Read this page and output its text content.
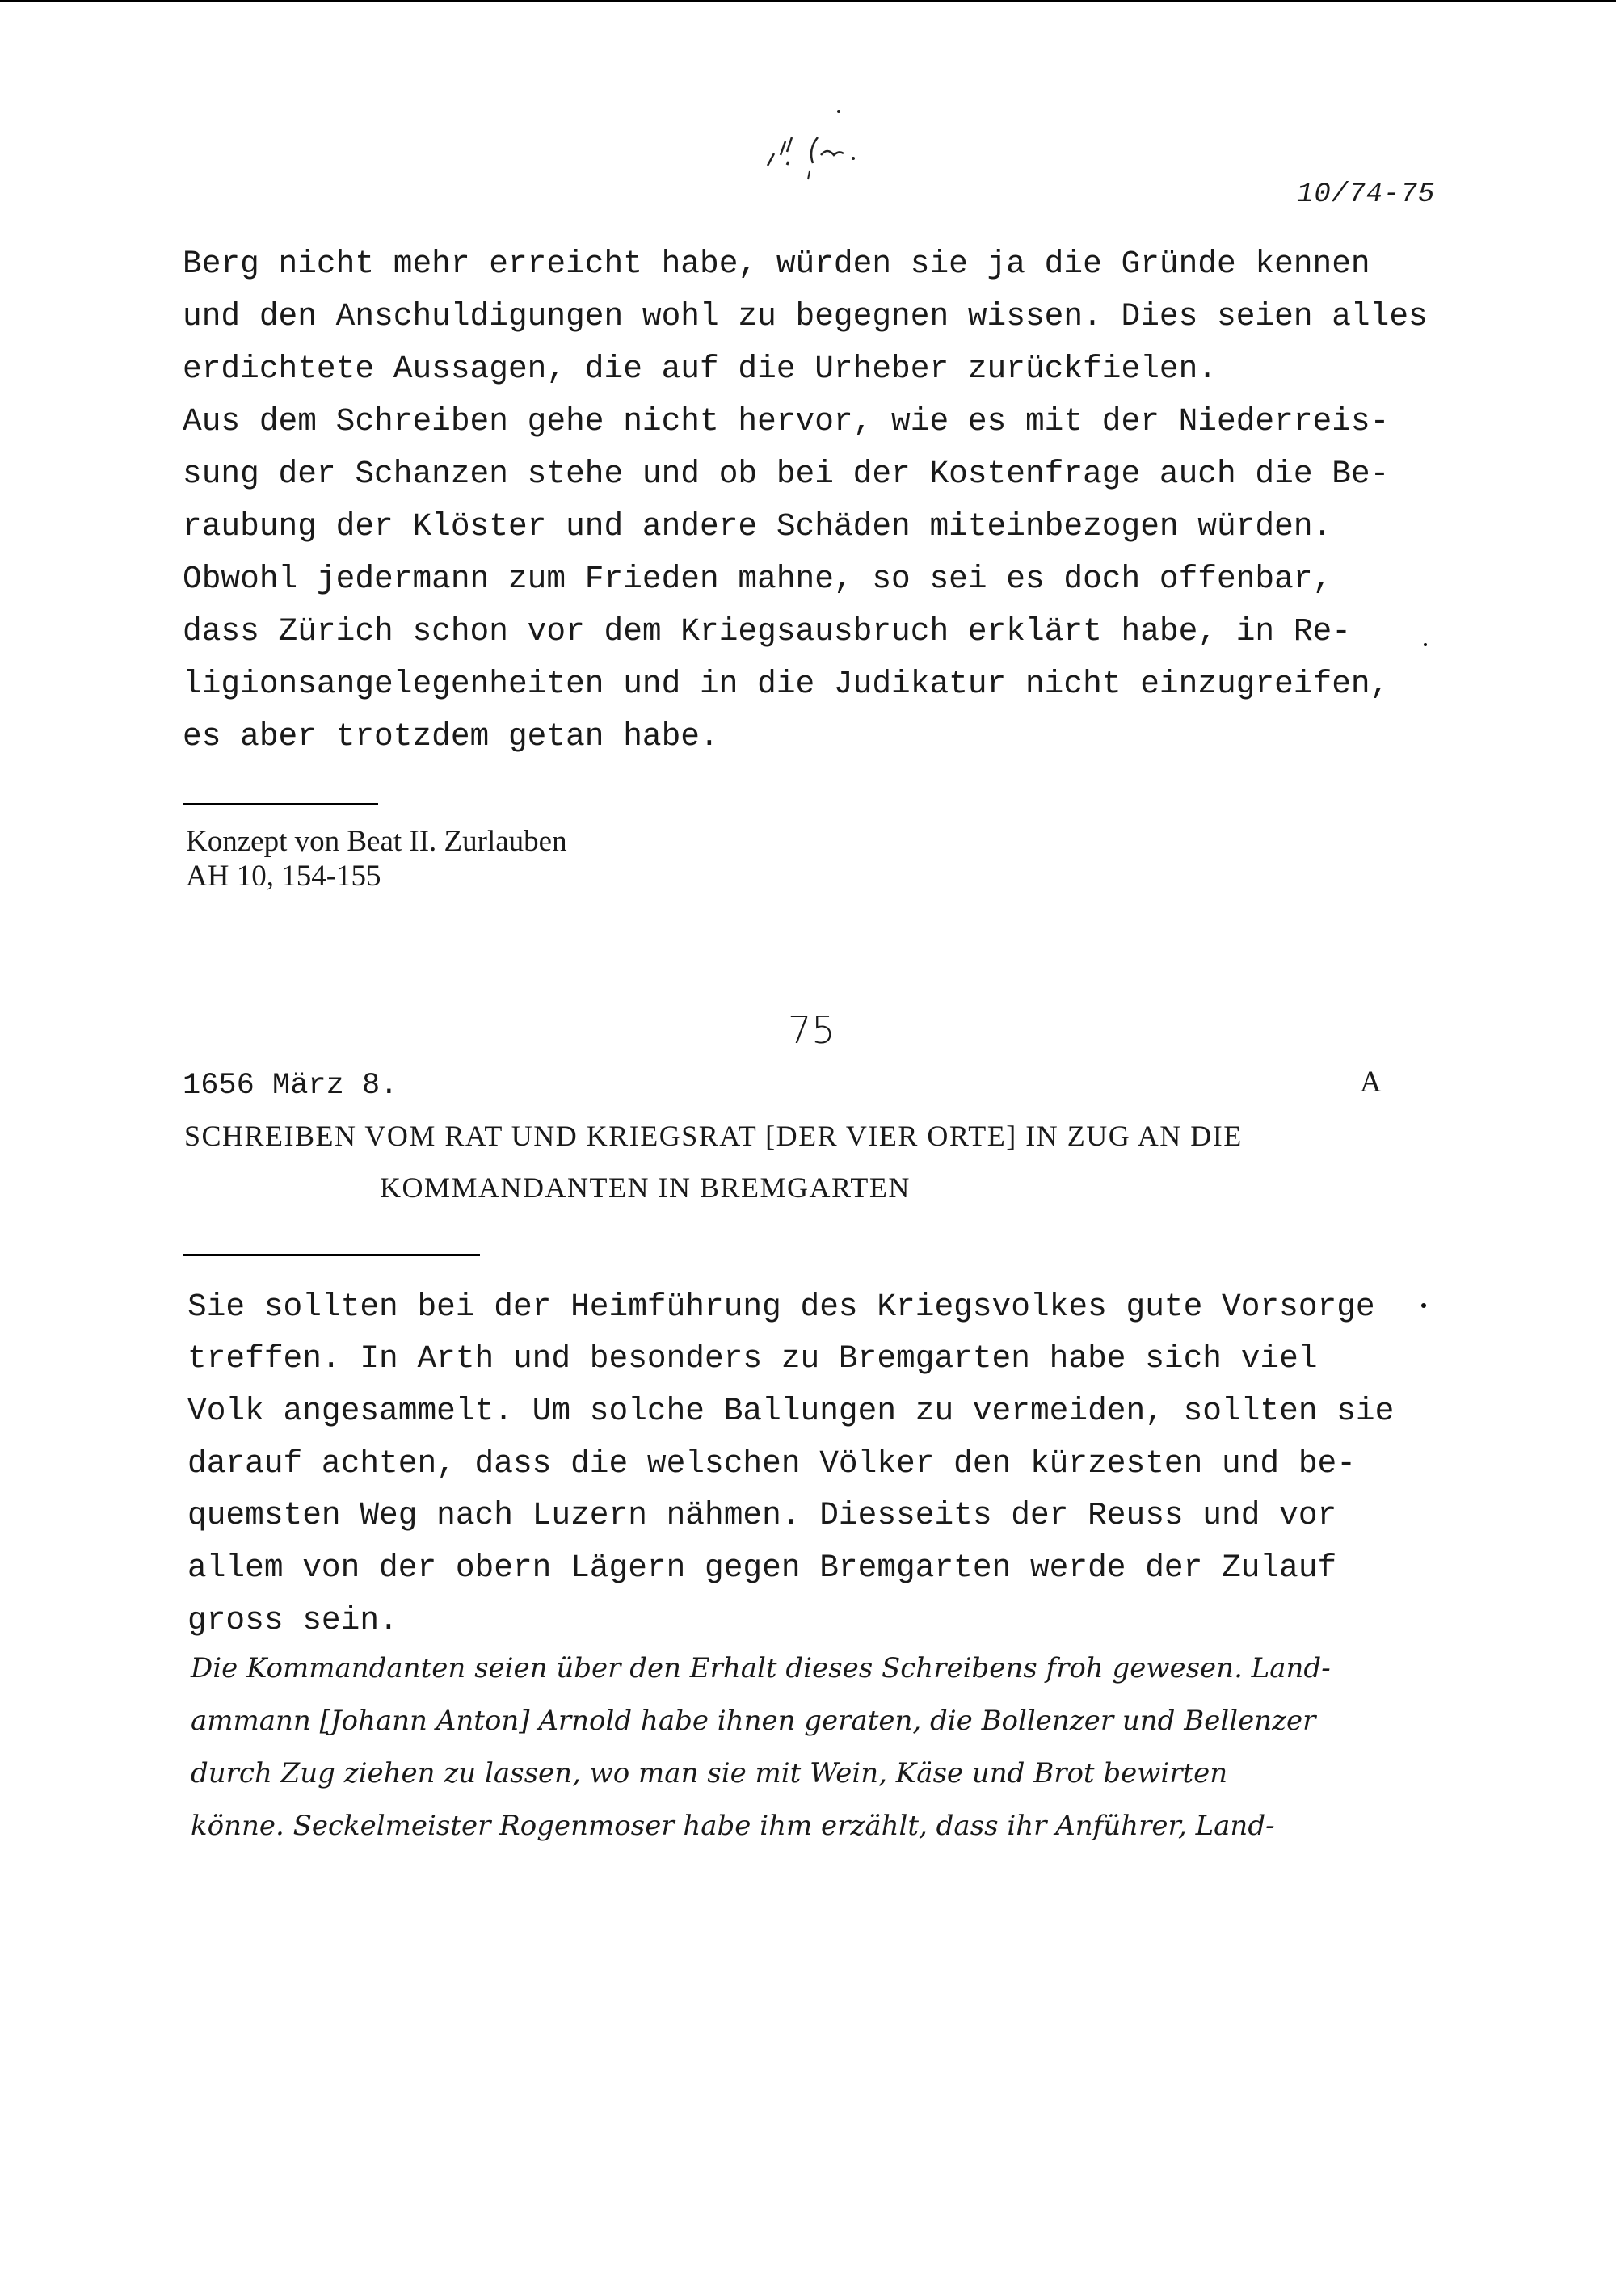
10/74-75
Berg nicht mehr erreicht habe, würden sie ja die Gründe kennen
und den Anschuldigungen wohl zu begegnen wissen. Dies seien alles
erdichtete Aussagen, die auf die Urheber zurückfielen.
Aus dem Schreiben gehe nicht hervor, wie es mit der Niederreis-
sung der Schanzen stehe und ob bei der Kostenfrage auch die Be-
raubung der Klöster und andere Schäden miteinbezogen würden.
Obwohl jedermann zum Frieden mahne, so sei es doch offenbar,
dass Zürich schon vor dem Kriegsausbruch erklärt habe, in Re-
ligionsangelegenheiten und in die Judikatur nicht einzugreifen,
es aber trotzdem getan habe.
Konzept von Beat II. Zurlauben
AH 10, 154-155
75
1656 März 8.	A
SCHREIBEN VOM RAT UND KRIEGSRAT [DER VIER ORTE] IN ZUG AN DIE
KOMMANDANTEN IN BREMGARTEN
Sie sollten bei der Heimführung des Kriegsvolkes gute Vorsorge
treffen. In Arth und besonders zu Bremgarten habe sich viel
Volk angesammelt. Um solche Ballungen zu vermeiden, sollten sie
darauf achten, dass die welschen Völker den kürzesten und be-
quemsten Weg nach Luzern nähmen. Diesseits der Reuss und vor
allem von der obern Lägern gegen Bremgarten werde der Zulauf
gross sein.
Die Kommandanten seien über den Erhalt dieses Schreibens froh gewesen. Land-
ammann [Johann Anton] Arnold habe ihnen geraten, die Bollenzer und Bellenzer
durch Zug ziehen zu lassen, wo man sie mit Wein, Käse und Brot bewirten
könne. Seckelmeister Rogenmoser habe ihm erzählt, dass ihr Anführer, Land-
